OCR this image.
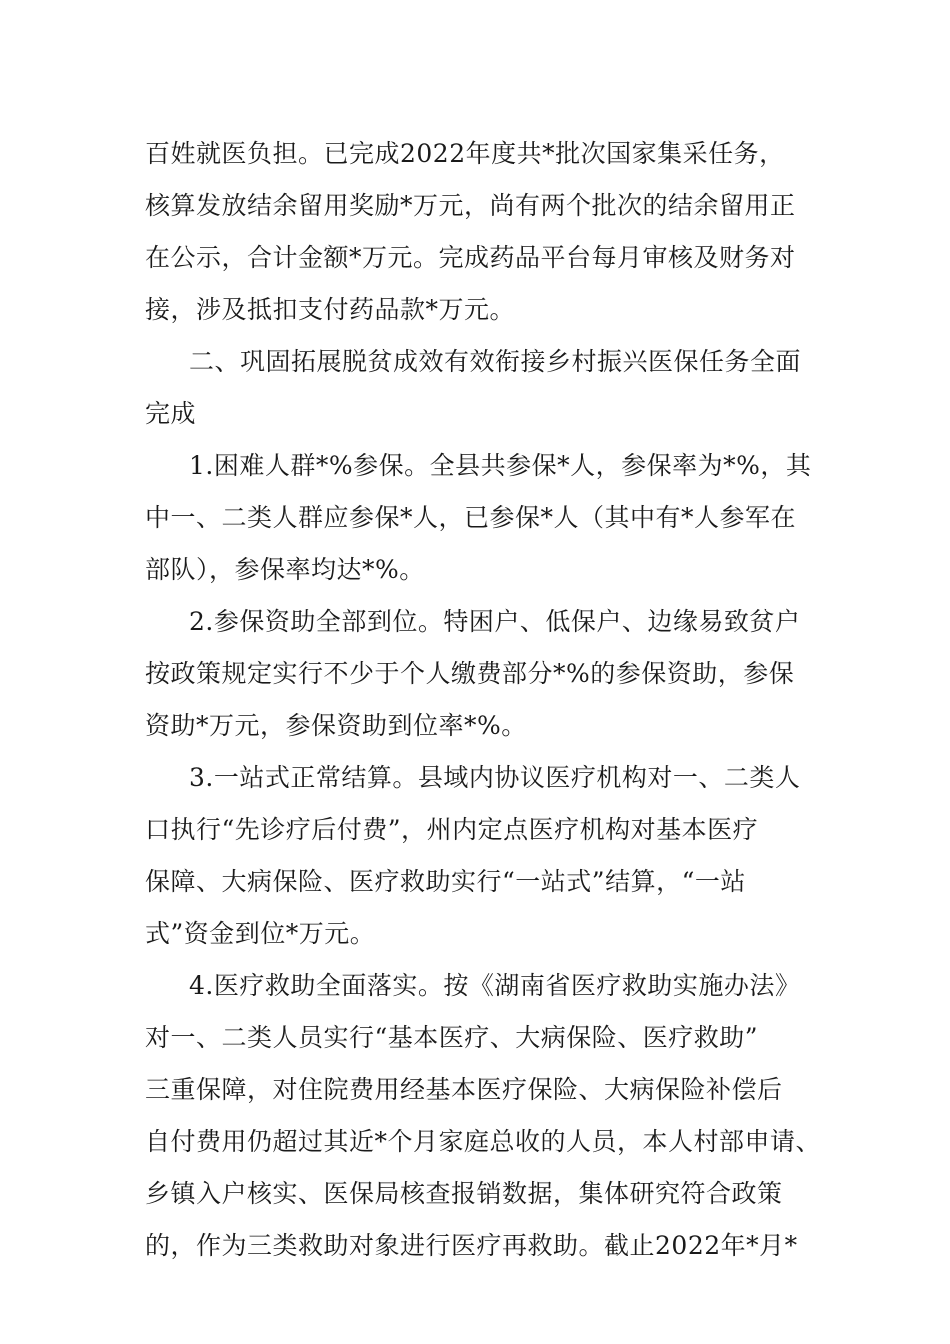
百姓就医负担。已完成2022年度共*批次国家集采任务，
核算发放结余留用奖励*万元，尚有两个批次的结余留用正
在公示，合计金额*万元。完成药品平台每月审核及财务对
接，涉及抵扣支付药品款*万元。
二、巩固拓展脱贫成效有效衔接乡村振兴医保任务全面
完成
1.困难人群*%参保。全县共参保*人，参保率为*%，其
中一、二类人群应参保*人，已参保*人（其中有*人参军在
部队），参保率均达*%。
2.参保资助全部到位。特困户、低保户、边缘易致贫户
按政策规定实行不少于个人缴费部分*%的参保资助，参保
资助*万元，参保资助到位率*%。
3.一站式正常结算。县域内协议医疗机构对一、二类人
口执行“先诊疗后付费”，州内定点医疗机构对基本医疗
保障、大病保险、医疗救助实行“一站式”结算，“一站
式”资金到位*万元。
4.医疗救助全面落实。按《湖南省医疗救助实施办法》
对一、二类人员实行“基本医疗、大病保险、医疗救助”
三重保障，对住院费用经基本医疗保险、大病保险补偿后
自付费用仍超过其近*个月家庭总收的人员，本人村部申请、
乡镇入户核实、医保局核查报销数据，集体研究符合政策
的，作为三类救助对象进行医疗再救助。截止2022年*月*
